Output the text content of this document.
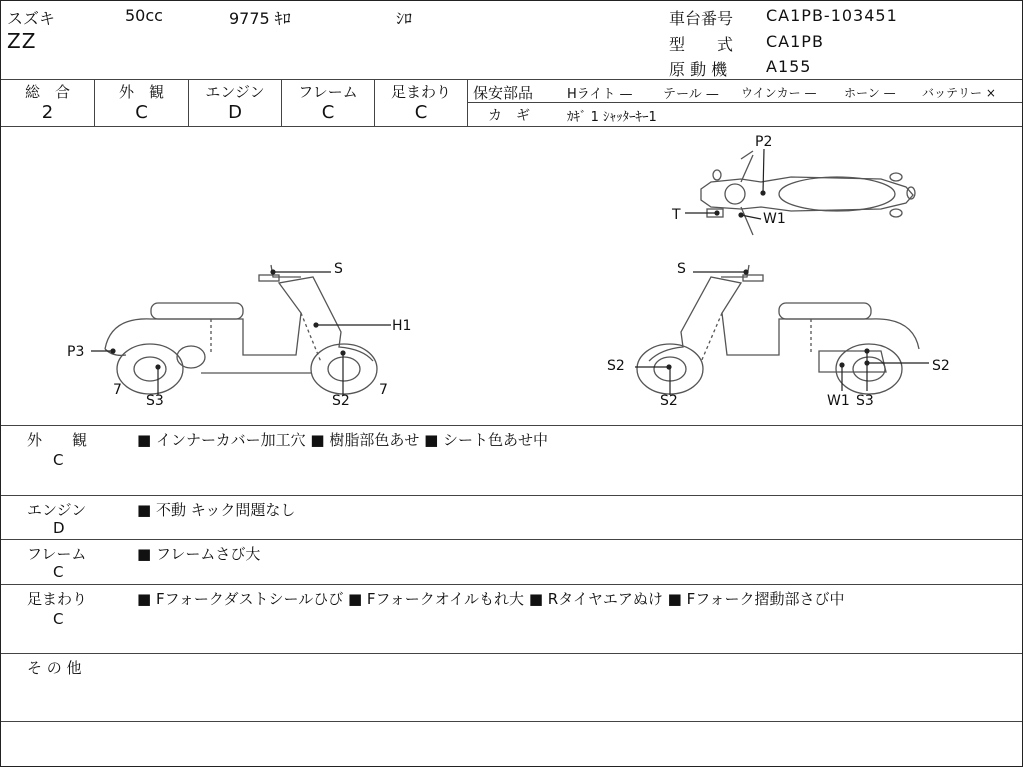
スズキ	50cc	9775 ｷﾛ	ｼﾛ
ZZ
車台番号 CA1PB-103451
型　　式 CA1PB
原 動 機 A155
総　合	外　観	エンジン	フレーム	足まわり
2	C	D	C	C
保安部品	Hライト — テール — ウインカー — ホーン — バッテリー ×
カ　ギ	ｶｷﾞ 1 ｼｬｯﾀｰｷｰ1
P2
T	W1
S
H1
P3
7
S3	S2
7
S
S2
S2	W1 S3
S2
外　　観
C
■ インナーカバー加工穴 ■ 樹脂部色あせ ■ シート色あせ中
エンジン
D
■ 不動 キック問題なし
フレーム
C
■ フレームさび大
足まわり
C
■ Fフォークダストシールひび ■ Fフォークオイルもれ大 ■ Rタイヤエアぬけ ■ Fフォーク摺動部さび中
そ の 他
